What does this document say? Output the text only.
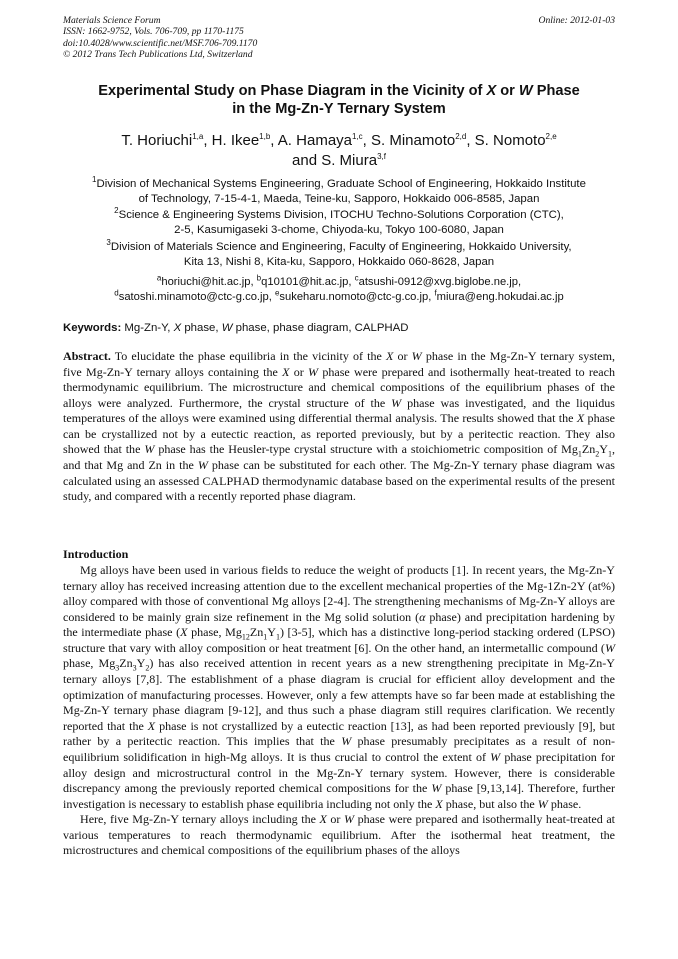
Materials Science Forum
ISSN: 1662-9752, Vols. 706-709, pp 1170-1175
doi:10.4028/www.scientific.net/MSF.706-709.1170
© 2012 Trans Tech Publications Ltd, Switzerland
Online: 2012-01-03
Experimental Study on Phase Diagram in the Vicinity of X or W Phase
in the Mg-Zn-Y Ternary System
T. Horiuchi$^{1,a}$, H. Ikee$^{1,b}$, A. Hamaya$^{1,c}$, S. Minamoto$^{2,d}$, S. Nomoto$^{2,e}$
and S. Miura$^{3,f}$
$^1$Division of Mechanical Systems Engineering, Graduate School of Engineering, Hokkaido Institute
of Technology, 7-15-4-1, Maeda, Teine-ku, Sapporo, Hokkaido 006-8585, Japan
$^2$Science & Engineering Systems Division, ITOCHU Techno-Solutions Corporation (CTC),
2-5, Kasumigaseki 3-chome, Chiyoda-ku, Tokyo 100-6080, Japan
$^3$Division of Materials Science and Engineering, Faculty of Engineering, Hokkaido University,
Kita 13, Nishi 8, Kita-ku, Sapporo, Hokkaido 060-8628, Japan
$^a$horiuchi@hit.ac.jp, $^b$q10101@hit.ac.jp, $^c$atsushi-0912@xvg.biglobe.ne.jp,
$^d$satoshi.minamoto@ctc-g.co.jp, $^e$sukeharu.nomoto@ctc-g.co.jp, $^f$miura@eng.hokudai.ac.jp
Keywords: Mg-Zn-Y, X phase, W phase, phase diagram, CALPHAD
Abstract. To elucidate the phase equilibria in the vicinity of the X or W phase in the Mg-Zn-Y ternary system, five Mg-Zn-Y ternary alloys containing the X or W phase were prepared and isothermally heat-treated to reach thermodynamic equilibrium. The microstructure and chemical compositions of the equilibrium phases of the alloys were analyzed. Furthermore, the crystal structure of the W phase was investigated, and the liquidus temperatures of the alloys were examined using differential thermal analysis. The results showed that the X phase can be crystallized not by a eutectic reaction, as reported previously, but by a peritectic reaction. They also showed that the W phase has the Heusler-type crystal structure with a stoichiometric composition of $Mg_1Zn_2Y_1$, and that Mg and Zn in the W phase can be substituted for each other. The Mg-Zn-Y ternary phase diagram was calculated using an assessed CALPHAD thermodynamic database based on the experimental results of the present study, and compared with a recently reported phase diagram.
Introduction

Mg alloys have been used in various fields to reduce the weight of products [1]. In recent years, the Mg-Zn-Y ternary alloy has received increasing attention due to the excellent mechanical properties of the Mg-1Zn-2Y (at%) alloy compared with those of conventional Mg alloys [2-4]. The strengthening mechanisms of Mg-Zn-Y alloys are considered to be mainly grain size refinement in the Mg solid solution (α phase) and precipitation hardening by the intermediate phase (X phase, $Mg_{12}Zn_1Y_1$) [3-5], which has a distinctive long-period stacking ordered (LPSO) structure that vary with alloy composition or heat treatment [6]. On the other hand, an intermetallic compound (W phase, $Mg_3Zn_3Y_2$) has also received attention in recent years as a new strengthening precipitate in Mg-Zn-Y ternary alloys [7,8]. The establishment of a phase diagram is crucial for efficient alloy development and the optimization of manufacturing processes. However, only a few attempts have so far been made at establishing the Mg-Zn-Y ternary phase diagram [9-12], and thus such a phase diagram still requires clarification. We recently reported that the X phase is not crystallized by a eutectic reaction [13], as had been reported previously [9], but rather by a peritectic reaction. This implies that the W phase presumably precipitates as a result of non-equilibrium solidification in high-Mg alloys. It is thus crucial to control the extent of W phase precipitation for alloy design and microstructural control in the Mg-Zn-Y ternary system. However, there is considerable discrepancy among the previously reported chemical compositions for the W phase [9,13,14]. Therefore, further investigation is necessary to establish phase equilibria including not only the X phase, but also the W phase.

Here, five Mg-Zn-Y ternary alloys including the X or W phase were prepared and isothermally heat-treated at various temperatures to reach thermodynamic equilibrium. After the isothermal heat treatment, the microstructures and chemical compositions of the equilibrium phases of the alloys
